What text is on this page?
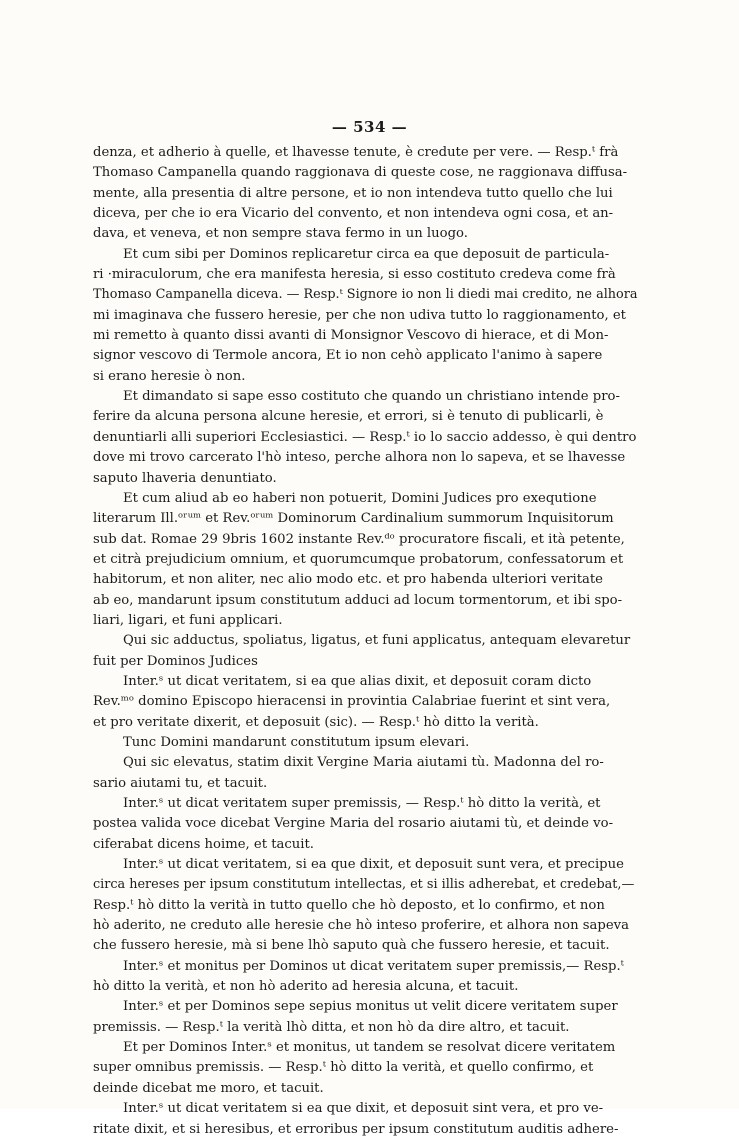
— 534 —
denza, et adherio à quelle, et lhavesse tenute, è credute per vere. — Resp.ᵗ frà
Thomaso Campanella quando raggionava di queste cose, ne raggionava diffusa-
mente, alla presentia di altre persone, et io non intendeva tutto quello che lui
diceva, per che io era Vicario del convento, et non intendeva ogni cosa, et an-
dava, et veneva, et non sempre stava fermo in un luogo.
Et cum sibi per Dominos replicaretur circa ea que deposuit de particula-
ri ·miraculorum, che era manifesta heresia, si esso costituto credeva come frà
Thomaso Campanella diceva. — Resp.ᵗ Signore io non li diedi mai credito, ne alhora
mi imaginava che fussero heresie, per che non udiva tutto lo raggionamento, et
mi remetto à quanto dissi avanti di Monsignor Vescovo di hierace, et di Mon-
signor vescovo di Termole ancora, Et io non cehò applicato l'animo à sapere
si erano heresie ò non.
Et dimandato si sape esso costituto che quando un christiano intende pro-
ferire da alcuna persona alcune heresie, et errori, si è tenuto di publicarli, è
denuntiarli alli superiori Ecclesiastici. — Resp.ᵗ io lo saccio addesso, è qui dentro
dove mi trovo carcerato l'hò inteso, perche alhora non lo sapeva, et se lhavesse
saputo lhaveria denuntiato.
Et cum aliud ab eo haberi non potuerit, Domini Judices pro exequtione
literarum Ill.ᵒʳᵘᵐ et Rev.ᵒʳᵘᵐ Dominorum Cardinalium summorum Inquisitorum
sub dat. Romae 29 9bris 1602 instante Rev.ᵈᵒ procuratore fiscali, et ità petente,
et citrà prejudicium omnium, et quorumcumque probatorum, confessatorum et
habitorum, et non aliter, nec alio modo etc. et pro habenda ulteriori veritate
ab eo, mandarunt ipsum constitutum adduci ad locum tormentorum, et ibi spo-
liari, ligari, et funi applicari.
Qui sic adductus, spoliatus, ligatus, et funi applicatus, antequam elevaretur
fuit per Dominos Judices
Inter.ˢ ut dicat veritatem, si ea que alias dixit, et deposuit coram dicto
Rev.ᵐᵒ domino Episcopo hieracensi in provintia Calabriae fuerint et sint vera,
et pro veritate dixerit, et deposuit (sic). — Resp.ᵗ hò ditto la verità.
Tunc Domini mandarunt constitutum ipsum elevari.
Qui sic elevatus, statim dixit Vergine Maria aiutami tù. Madonna del ro-
sario aiutami tu, et tacuit.
Inter.ˢ ut dicat veritatem super premissis, — Resp.ᵗ hò ditto la verità, et
postea valida voce dicebat Vergine Maria del rosario aiutami tù, et deinde vo-
ciferabat dicens hoime, et tacuit.
Inter.ˢ ut dicat veritatem, si ea que dixit, et deposuit sunt vera, et precipue
circa hereses per ipsum constitutum intellectas, et si illis adherebat, et credebat,—
Resp.ᵗ hò ditto la verità in tutto quello che hò deposto, et lo confirmo, et non
hò aderito, ne creduto alle heresie che hò inteso proferire, et alhora non sapeva
che fussero heresie, mà si bene lhò saputo quà che fussero heresie, et tacuit.
Inter.ˢ et monitus per Dominos ut dicat veritatem super premissis,— Resp.ᵗ
hò ditto la verità, et non hò aderito ad heresia alcuna, et tacuit.
Inter.ˢ et per Dominos sepe sepius monitus ut velit dicere veritatem super
premissis. — Resp.ᵗ la verità lhò ditta, et non hò da dire altro, et tacuit.
Et per Dominos Inter.ˢ et monitus, ut tandem se resolvat dicere veritatem
super omnibus premissis. — Resp.ᵗ hò ditto la verità, et quello confirmo, et
deinde dicebat me moro, et tacuit.
Inter.ˢ ut dicat veritatem si ea que dixit, et deposuit sint vera, et pro ve-
ritate dixit, et si heresibus, et erroribus per ipsum constitutum auditis adhere-
